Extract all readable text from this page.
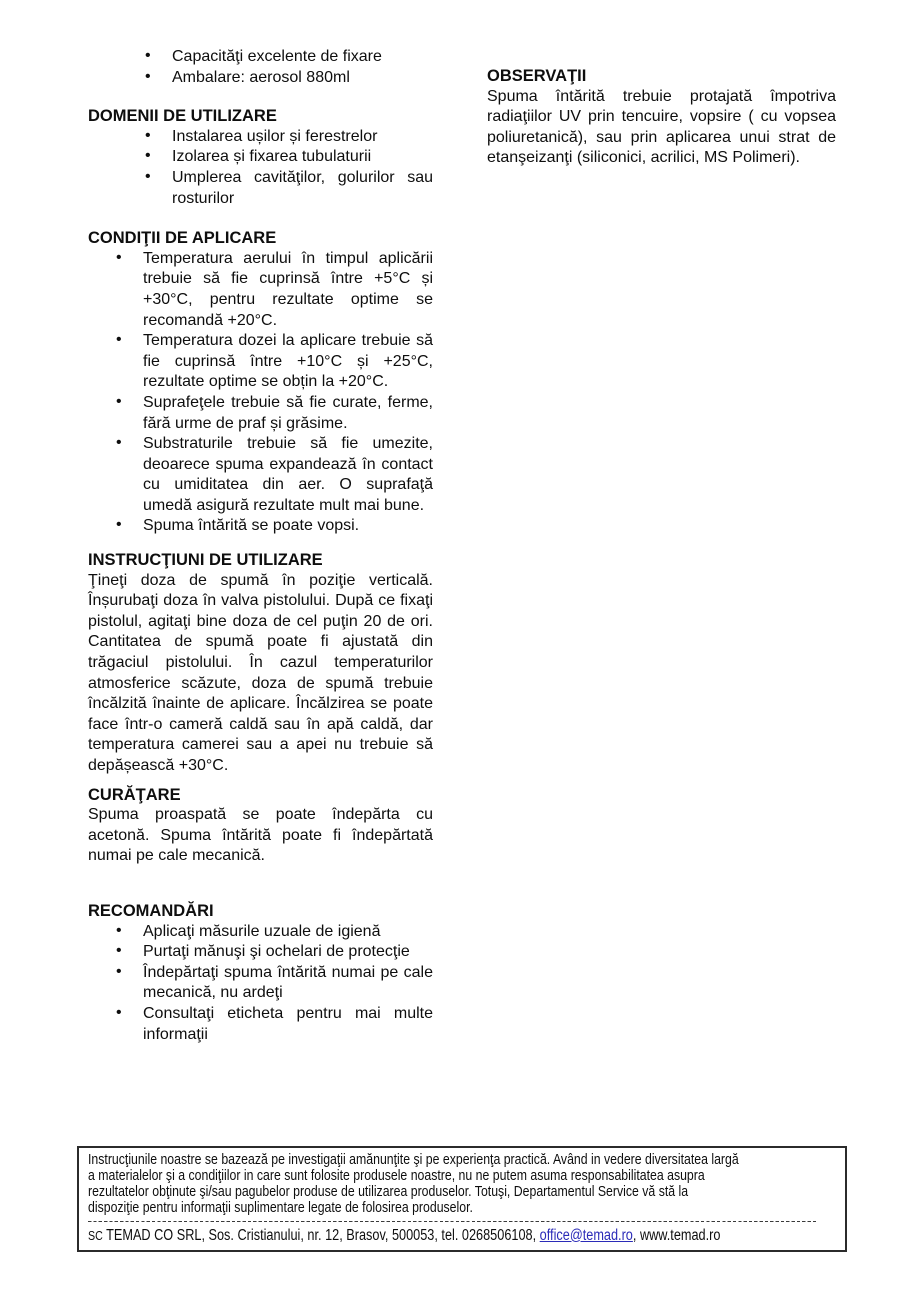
• Capacităţi excelente de fixare
• Ambalare: aerosol 880ml
DOMENII DE UTILIZARE
• Instalarea ușilor și ferestrelor
• Izolarea și fixarea tubulaturii
• Umplerea cavităţilor, golurilor sau rosturilor
CONDIŢII DE APLICARE
• Temperatura aerului în timpul aplicării trebuie să fie cuprinsă între +5°C și +30°C, pentru rezultate optime se recomandă +20°C.
• Temperatura dozei la aplicare trebuie să fie cuprinsă între +10°C și +25°C, rezultate optime se obțin la +20°C.
• Suprafeţele trebuie să fie curate, ferme, fără urme de praf și grăsime.
• Substraturile trebuie să fie umezite, deoarece spuma expandează în contact cu umiditatea din aer. O suprafaţă umedă asigură rezultate mult mai bune.
• Spuma întărită se poate vopsi.
INSTRUCŢIUNI DE UTILIZARE

Ţineţi doza de spumă în poziţie verticală. Înșurubaţi doza în valva pistolului. După ce fixaţi pistolul, agitaţi bine doza de cel puţin 20 de ori. Cantitatea de spumă poate fi ajustată din trăgaciul pistolului. În cazul temperaturilor atmosferice scăzute, doza de spumă trebuie încălzită înainte de aplicare. Încălzirea se poate face într-o cameră caldă sau în apă caldă, dar temperatura camerei sau a apei nu trebuie să depășească +30°C.

CURĂŢARE

Spuma proaspată se poate îndepărta cu acetonă. Spuma întărită poate fi îndepărtată numai pe cale mecanică.

RECOMANDĂRI
• Aplicaţi măsurile uzuale de igienă
• Purtaţi mănuşi şi ochelari de protecţie
• Îndepărtaţi spuma întărită numai pe cale mecanică, nu ardeţi
• Consultaţi eticheta pentru mai multe informaţii
OBSERVAŢII

Spuma întărită trebuie protajată împotriva radiaţiilor UV prin tencuire, vopsire ( cu vopsea poliuretanică), sau prin aplicarea unui strat de etanşeizanţi (siliconici, acrilici, MS Polimeri).

Instrucţiunile noastre se bazează pe investigaţii amănunţite şi pe experienţa practică. Având in vedere diversitatea largă
a materialelor şi a condiţiilor in care sunt folosite produsele noastre, nu ne putem asuma responsabilitatea asupra
rezultatelor obţinute şi/sau pagubelor produse de utilizarea produselor. Totuşi, Departamentul Service vă stă la
dispoziţie pentru informaţii suplimentare legate de folosirea produselor.
SC TEMAD CO SRL, Sos. Cristianului, nr. 12, Brasov, 500053, tel. 0268506108, office@temad.ro, www.temad.ro
